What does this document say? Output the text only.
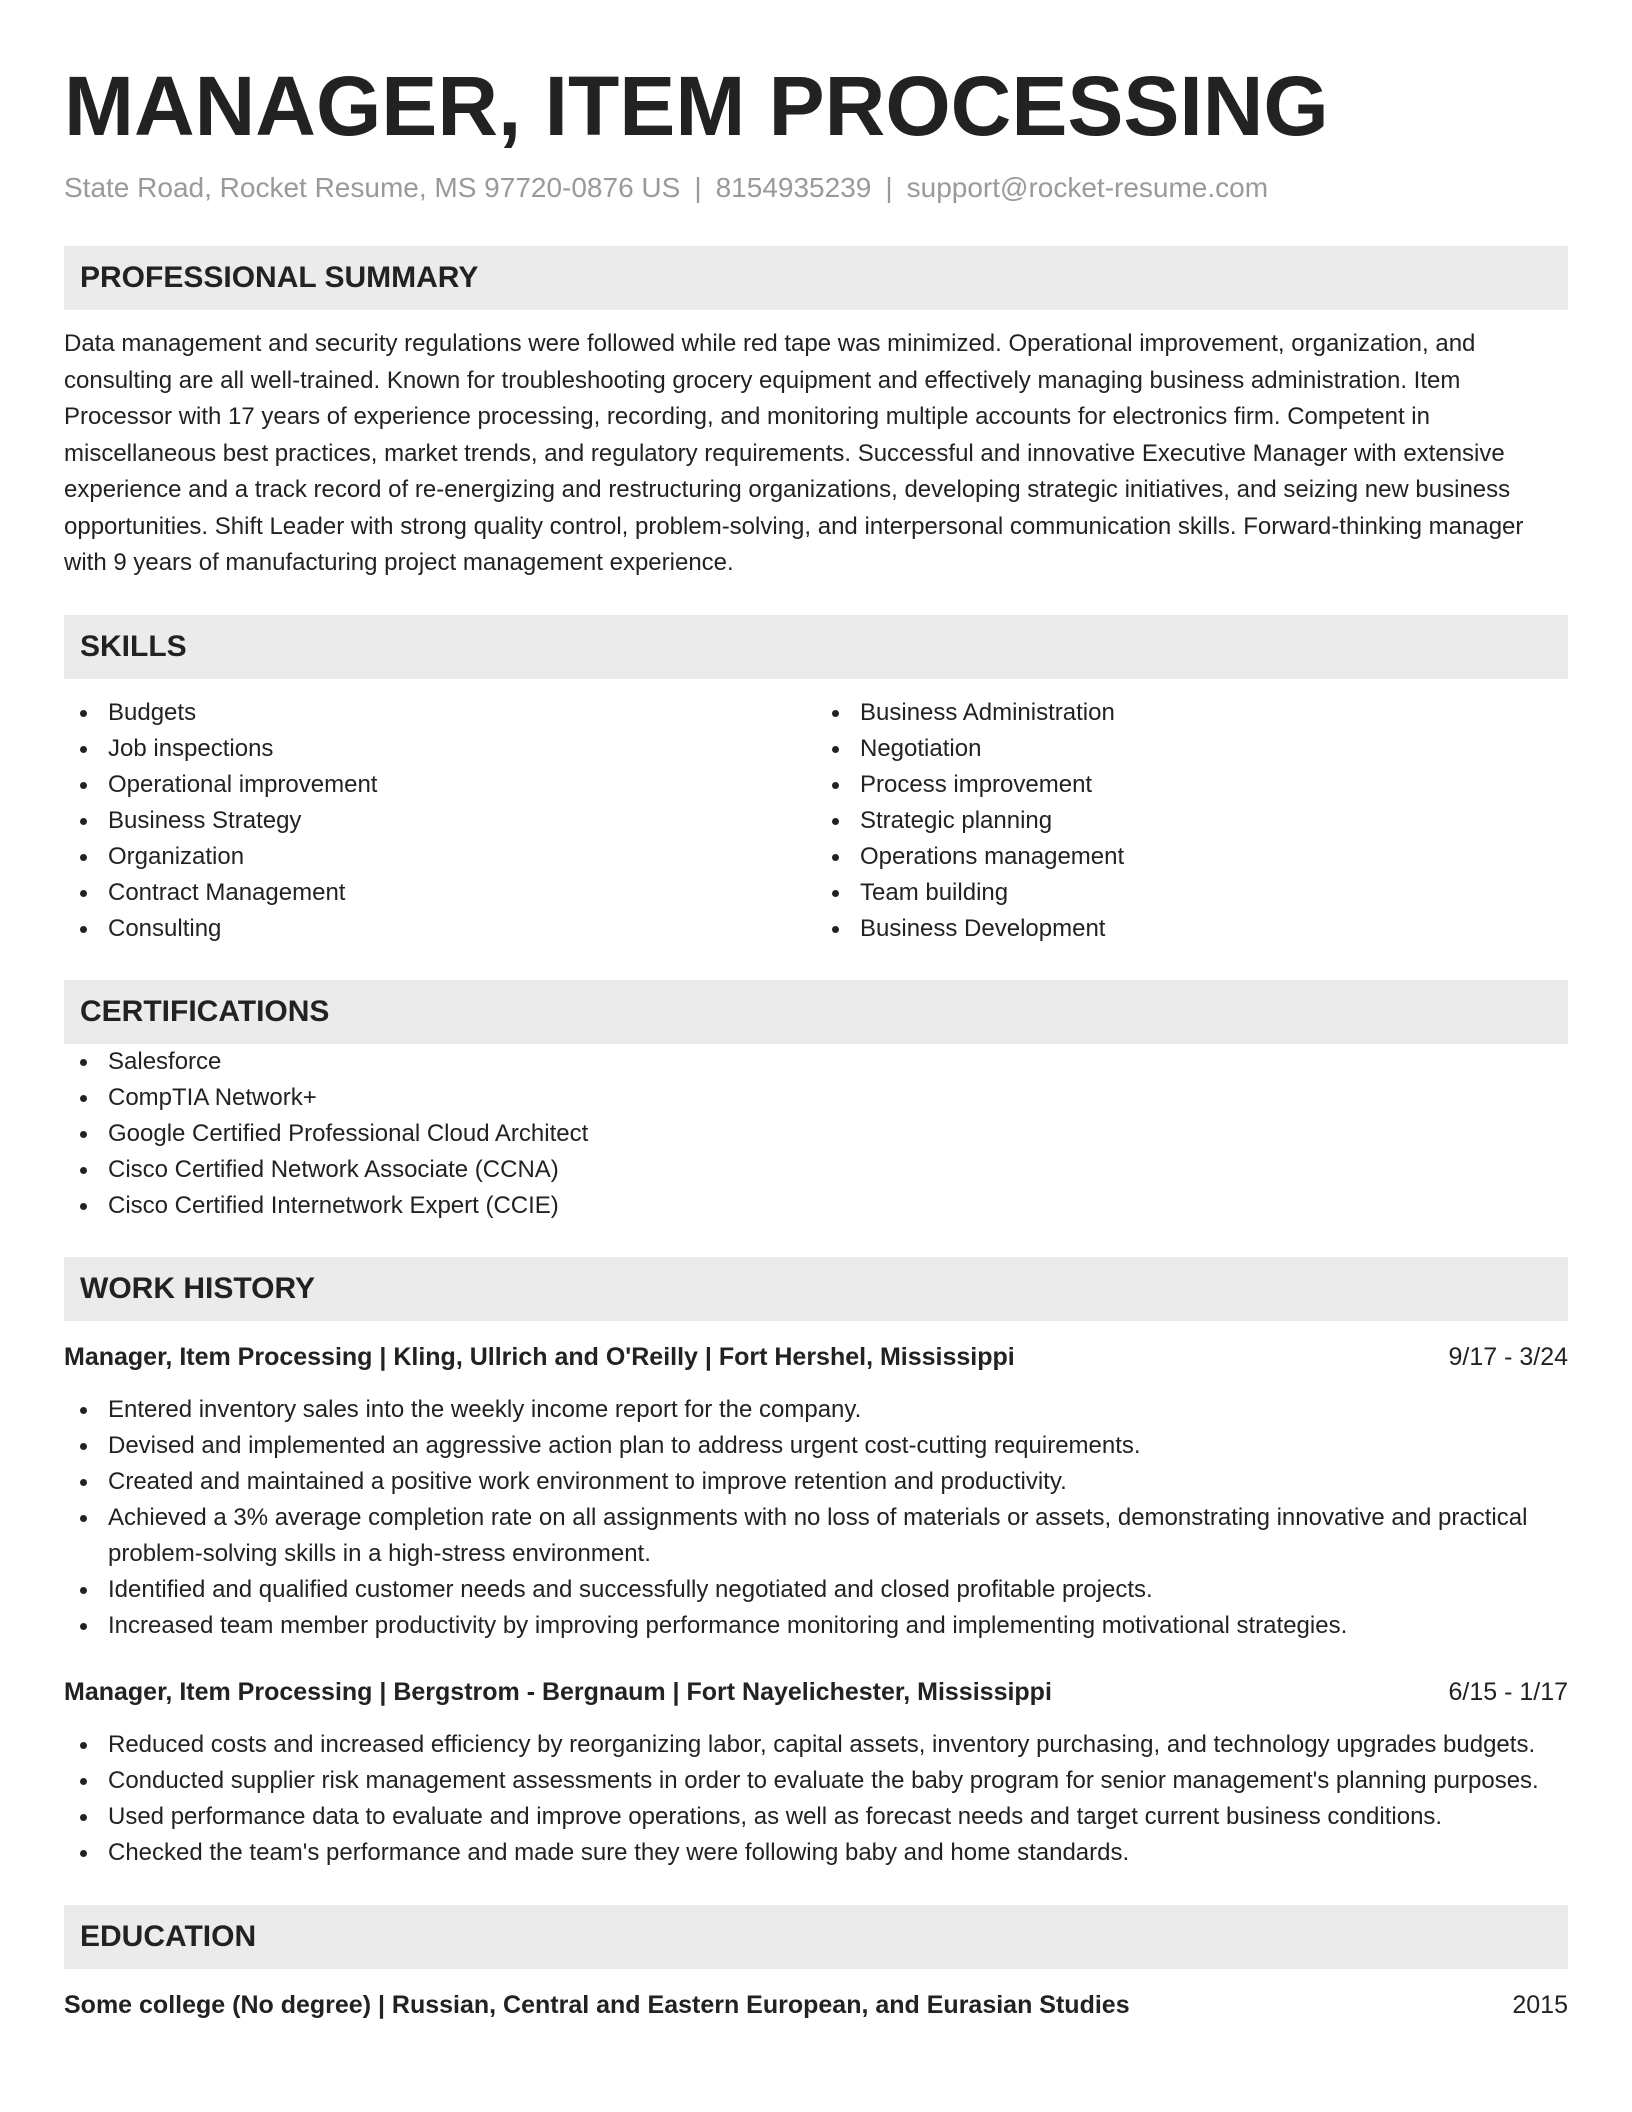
MANAGER, ITEM PROCESSING
State Road, Rocket Resume, MS 97720-0876 US | 8154935239 | support@rocket-resume.com
PROFESSIONAL SUMMARY
Data management and security regulations were followed while red tape was minimized. Operational improvement, organization, and consulting are all well-trained. Known for troubleshooting grocery equipment and effectively managing business administration. Item Processor with 17 years of experience processing, recording, and monitoring multiple accounts for electronics firm. Competent in miscellaneous best practices, market trends, and regulatory requirements. Successful and innovative Executive Manager with extensive experience and a track record of re-energizing and restructuring organizations, developing strategic initiatives, and seizing new business opportunities. Shift Leader with strong quality control, problem-solving, and interpersonal communication skills. Forward-thinking manager with 9 years of manufacturing project management experience.
SKILLS
Budgets
Job inspections
Operational improvement
Business Strategy
Organization
Contract Management
Consulting
Business Administration
Negotiation
Process improvement
Strategic planning
Operations management
Team building
Business Development
CERTIFICATIONS
Salesforce
CompTIA Network+
Google Certified Professional Cloud Architect
Cisco Certified Network Associate (CCNA)
Cisco Certified Internetwork Expert (CCIE)
WORK HISTORY
Manager, Item Processing | Kling, Ullrich and O'Reilly | Fort Hershel, Mississippi	9/17 - 3/24
Entered inventory sales into the weekly income report for the company.
Devised and implemented an aggressive action plan to address urgent cost-cutting requirements.
Created and maintained a positive work environment to improve retention and productivity.
Achieved a 3% average completion rate on all assignments with no loss of materials or assets, demonstrating innovative and practical problem-solving skills in a high-stress environment.
Identified and qualified customer needs and successfully negotiated and closed profitable projects.
Increased team member productivity by improving performance monitoring and implementing motivational strategies.
Manager, Item Processing | Bergstrom - Bergnaum | Fort Nayelichester, Mississippi	6/15 - 1/17
Reduced costs and increased efficiency by reorganizing labor, capital assets, inventory purchasing, and technology upgrades budgets.
Conducted supplier risk management assessments in order to evaluate the baby program for senior management's planning purposes.
Used performance data to evaluate and improve operations, as well as forecast needs and target current business conditions.
Checked the team's performance and made sure they were following baby and home standards.
EDUCATION
Some college (No degree) | Russian, Central and Eastern European, and Eurasian Studies	2015
